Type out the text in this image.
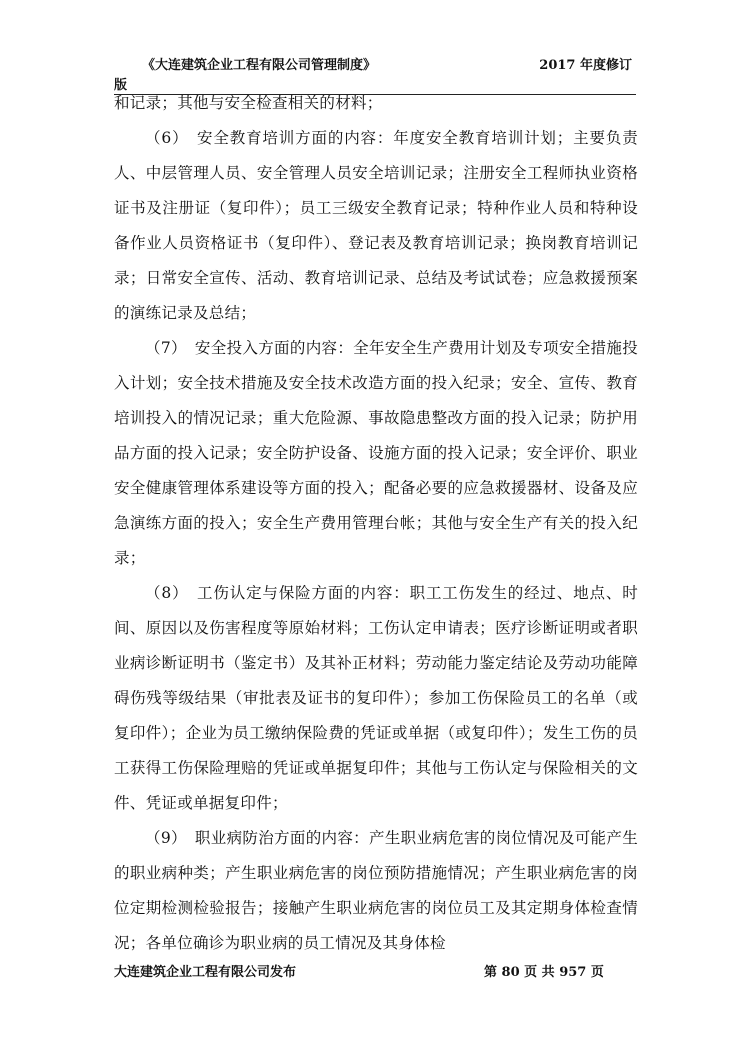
《大连建筑企业工程有限公司管理制度》	2017 年度修订
版

和记录；其他与安全检查相关的材料；

（6）　安全教育培训方面的内容：年度安全教育培训计划；主要负责人、中层管理人员、安全管理人员安全培训记录；注册安全工程师执业资格证书及注册证（复印件）；员工三级安全教育记录；特种作业人员和特种设备作业人员资格证书（复印件）、登记表及教育培训记录；换岗教育培训记录；日常安全宣传、活动、教育培训记录、总结及考试试卷；应急救援预案的演练记录及总结；

（7）　安全投入方面的内容：全年安全生产费用计划及专项安全措施投入计划；安全技术措施及安全技术改造方面的投入纪录；安全、宣传、教育培训投入的情况记录；重大危险源、事故隐患整改方面的投入记录；防护用品方面的投入记录；安全防护设备、设施方面的投入记录；安全评价、职业安全健康管理体系建设等方面的投入；配备必要的应急救援器材、设备及应急演练方面的投入；安全生产费用管理台帐；其他与安全生产有关的投入纪录；

（8）　工伤认定与保险方面的内容：职工工伤发生的经过、地点、时间、原因以及伤害程度等原始材料；工伤认定申请表；医疗诊断证明或者职业病诊断证明书（鉴定书）及其补正材料；劳动能力鉴定结论及劳动功能障碍伤残等级结果（审批表及证书的复印件）；参加工伤保险员工的名单（或复印件）；企业为员工缴纳保险费的凭证或单据（或复印件）；发生工伤的员工获得工伤保险理赔的凭证或单据复印件；其他与工伤认定与保险相关的文件、凭证或单据复印件；

（9）　职业病防治方面的内容：产生职业病危害的岗位情况及可能产生的职业病种类；产生职业病危害的岗位预防措施情况；产生职业病危害的岗位定期检测检验报告；接触产生职业病危害的岗位员工及其定期身体检查情况；各单位确诊为职业病的员工情况及其身体检

大连建筑企业工程有限公司发布	第 80 页 共 957 页
